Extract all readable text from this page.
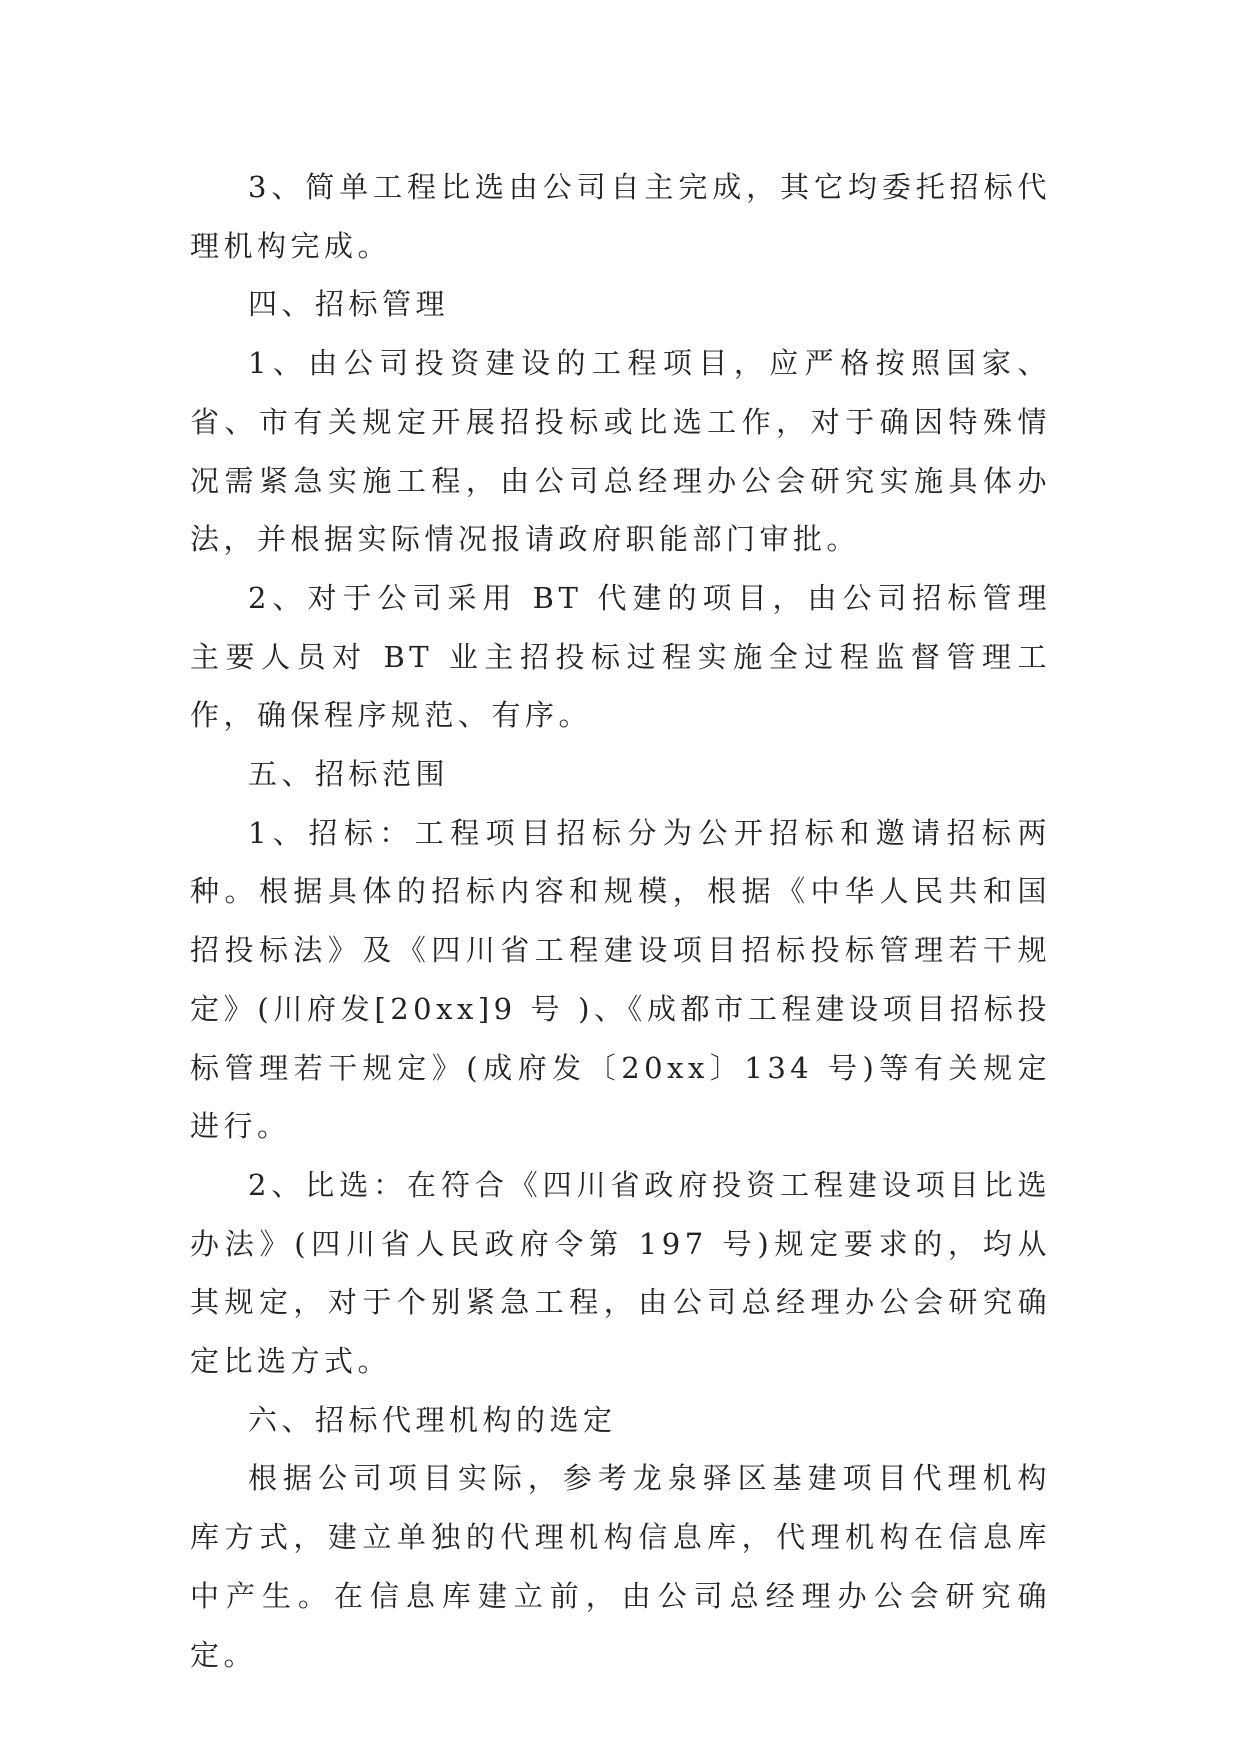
3、简单工程比选由公司自主完成，其它均委托招标代理机构完成。

四、招标管理

1、由公司投资建设的工程项目，应严格按照国家、省、市有关规定开展招投标或比选工作，对于确因特殊情况需紧急实施工程，由公司总经理办公会研究实施具体办法，并根据实际情况报请政府职能部门审批。

2、对于公司采用 BT 代建的项目，由公司招标管理主要人员对 BT 业主招投标过程实施全过程监督管理工作，确保程序规范、有序。

五、招标范围

1、招标：工程项目招标分为公开招标和邀请招标两种。根据具体的招标内容和规模，根据《中华人民共和国招投标法》及《四川省工程建设项目招标投标管理若干规定》(川府发[20xx]9 号 )、《成都市工程建设项目招标投标管理若干规定》(成府发〔20xx〕134 号)等有关规定进行。

2、比选：在符合《四川省政府投资工程建设项目比选办法》(四川省人民政府令第 197 号)规定要求的，均从其规定，对于个别紧急工程，由公司总经理办公会研究确定比选方式。

六、招标代理机构的选定

根据公司项目实际，参考龙泉驿区基建项目代理机构库方式，建立单独的代理机构信息库，代理机构在信息库中产生。在信息库建立前，由公司总经理办公会研究确定。
